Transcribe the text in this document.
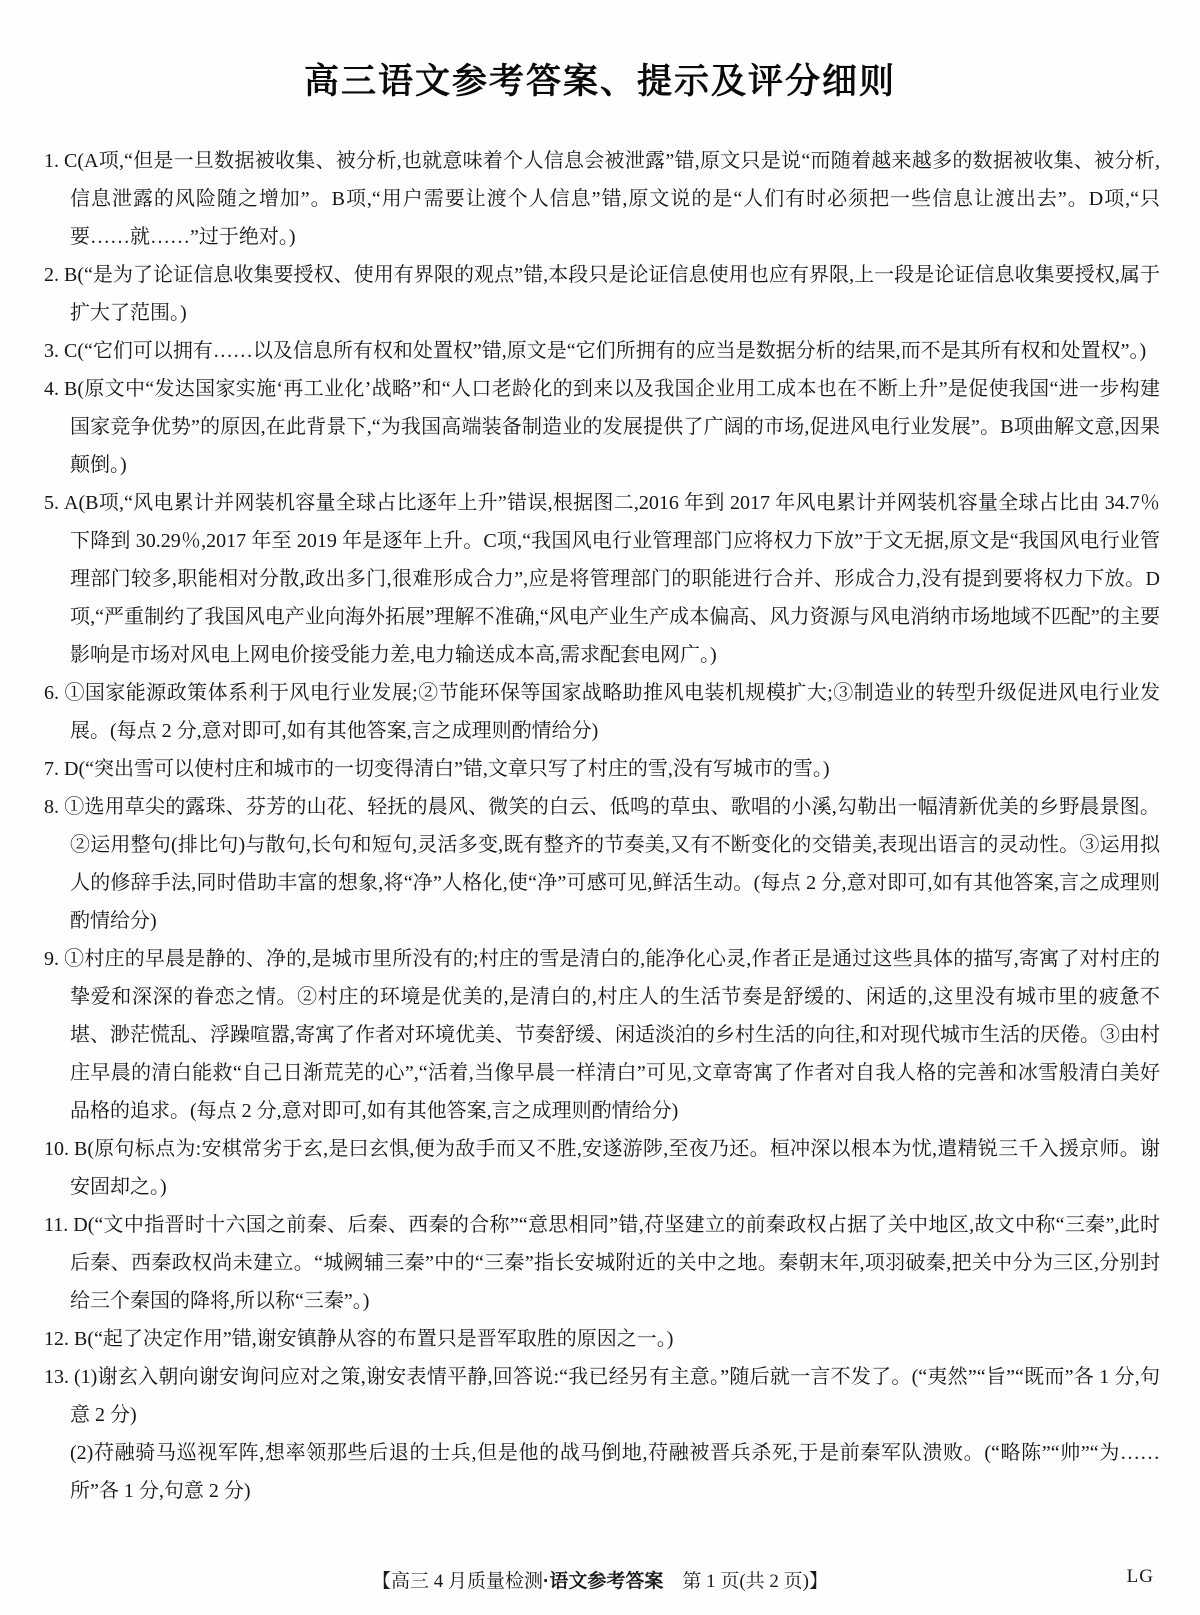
高三语文参考答案、提示及评分细则

1. C(A项,“但是一旦数据被收集、被分析,也就意味着个人信息会被泄露”错,原文只是说“而随着越来越多的数据被收集、被分析,信息泄露的风险随之增加”。B项,“用户需要让渡个人信息”错,原文说的是“人们有时必须把一些信息让渡出去”。D项,“只要……就……”过于绝对。)

2. B(“是为了论证信息收集要授权、使用有界限的观点”错,本段只是论证信息使用也应有界限,上一段是论证信息收集要授权,属于扩大了范围。)

3. C(“它们可以拥有……以及信息所有权和处置权”错,原文是“它们所拥有的应当是数据分析的结果,而不是其所有权和处置权”。)

4. B(原文中“发达国家实施‘再工业化’战略”和“人口老龄化的到来以及我国企业用工成本也在不断上升”是促使我国“进一步构建国家竞争优势”的原因,在此背景下,“为我国高端装备制造业的发展提供了广阔的市场,促进风电行业发展”。B项曲解文意,因果颠倒。)

5. A(B项,“风电累计并网装机容量全球占比逐年上升”错误,根据图二,2016 年到 2017 年风电累计并网装机容量全球占比由 34.7％下降到 30.29％,2017 年至 2019 年是逐年上升。C项,“我国风电行业管理部门应将权力下放”于文无据,原文是“我国风电行业管理部门较多,职能相对分散,政出多门,很难形成合力”,应是将管理部门的职能进行合并、形成合力,没有提到要将权力下放。D项,“严重制约了我国风电产业向海外拓展”理解不准确,“风电产业生产成本偏高、风力资源与风电消纳市场地域不匹配”的主要影响是市场对风电上网电价接受能力差,电力输送成本高,需求配套电网广。)

6. ①国家能源政策体系利于风电行业发展;②节能环保等国家战略助推风电装机规模扩大;③制造业的转型升级促进风电行业发展。(每点 2 分,意对即可,如有其他答案,言之成理则酌情给分)

7. D(“突出雪可以使村庄和城市的一切变得清白”错,文章只写了村庄的雪,没有写城市的雪。)

8. ①选用草尖的露珠、芬芳的山花、轻抚的晨风、微笑的白云、低鸣的草虫、歌唱的小溪,勾勒出一幅清新优美的乡野晨景图。②运用整句(排比句)与散句,长句和短句,灵活多变,既有整齐的节奏美,又有不断变化的交错美,表现出语言的灵动性。③运用拟人的修辞手法,同时借助丰富的想象,将“净”人格化,使“净”可感可见,鲜活生动。(每点 2 分,意对即可,如有其他答案,言之成理则酌情给分)

9. ①村庄的早晨是静的、净的,是城市里所没有的;村庄的雪是清白的,能净化心灵,作者正是通过这些具体的描写,寄寓了对村庄的挚爱和深深的眷恋之情。②村庄的环境是优美的,是清白的,村庄人的生活节奏是舒缓的、闲适的,这里没有城市里的疲惫不堪、渺茫慌乱、浮躁喧嚣,寄寓了作者对环境优美、节奏舒缓、闲适淡泊的乡村生活的向往,和对现代城市生活的厌倦。③由村庄早晨的清白能救“自己日渐荒芜的心”,“活着,当像早晨一样清白”可见,文章寄寓了作者对自我人格的完善和冰雪般清白美好品格的追求。(每点 2 分,意对即可,如有其他答案,言之成理则酌情给分)

10. B(原句标点为:安棋常劣于玄,是曰玄惧,便为敌手而又不胜,安遂游陟,至夜乃还。桓冲深以根本为忧,遣精锐三千入援京师。谢安固却之。)

11. D(“文中指晋时十六国之前秦、后秦、西秦的合称”“意思相同”错,苻坚建立的前秦政权占据了关中地区,故文中称“三秦”,此时后秦、西秦政权尚未建立。“城阙辅三秦”中的“三秦”指长安城附近的关中之地。秦朝末年,项羽破秦,把关中分为三区,分别封给三个秦国的降将,所以称“三秦”。)

12. B(“起了决定作用”错,谢安镇静从容的布置只是晋军取胜的原因之一。)

13. (1)谢玄入朝向谢安询问应对之策,谢安表情平静,回答说:“我已经另有主意。”随后就一言不发了。(“夷然”“旨”“既而”各 1 分,句意 2 分)

(2)苻融骑马巡视军阵,想率领那些后退的士兵,但是他的战马倒地,苻融被晋兵杀死,于是前秦军队溃败。(“略陈”“帅”“为……所”各 1 分,句意 2 分)

【高三 4 月质量检测·语文参考答案　第 1 页(共 2 页)】	LG
